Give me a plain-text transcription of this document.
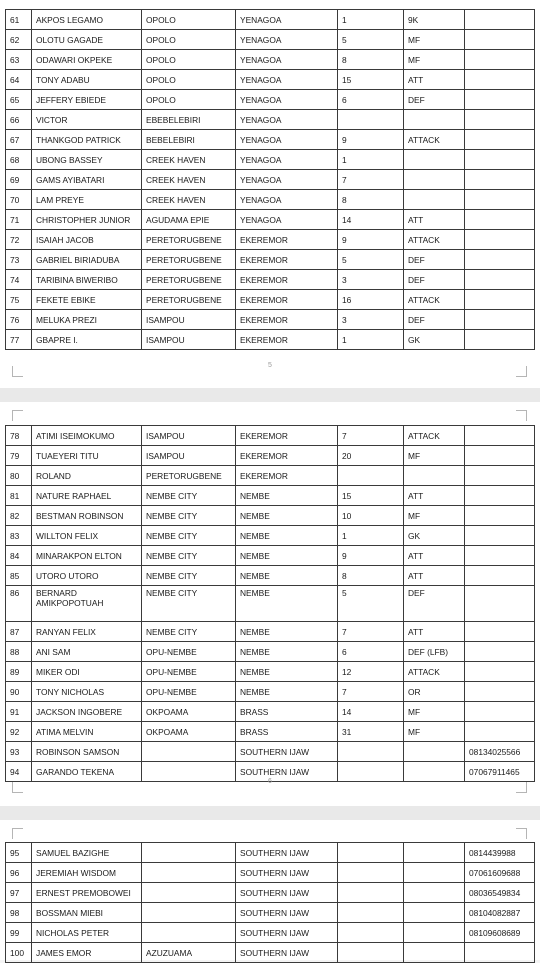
61	AKPOS LEGAMO	OPOLO	YENAGOA	1	9K	
62	OLOTU GAGADE	OPOLO	YENAGOA	5	MF	
63	ODAWARI OKPEKE	OPOLO	YENAGOA	8	MF	
64	TONY ADABU	OPOLO	YENAGOA	15	ATT	
65	JEFFERY EBIEDE	OPOLO	YENAGOA	6	DEF	
66	VICTOR	EBEBELEBIRI	YENAGOA			
67	THANKGOD PATRICK	BEBELEBIRI	YENAGOA	9	ATTACK	
68	UBONG BASSEY	CREEK HAVEN	YENAGOA	1		
69	GAMS AYIBATARI	CREEK HAVEN	YENAGOA	7		
70	LAM PREYE	CREEK HAVEN	YENAGOA	8		
71	CHRISTOPHER JUNIOR	AGUDAMA EPIE	YENAGOA	14	ATT	
72	ISAIAH JACOB	PERETORUGBENE	EKEREMOR	9	ATTACK	
73	GABRIEL BIRIADUBA	PERETORUGBENE	EKEREMOR	5	DEF	
74	TARIBINA BIWERIBO	PERETORUGBENE	EKEREMOR	3	DEF	
75	FEKETE EBIKE	PERETORUGBENE	EKEREMOR	16	ATTACK	
76	MELUKA PREZI	ISAMPOU	EKEREMOR	3	DEF	
77	GBAPRE I.	ISAMPOU	EKEREMOR	1	GK	
5
78	ATIMI ISEIMOKUMO	ISAMPOU	EKEREMOR	7	ATTACK	
79	TUAEYERI TITU	ISAMPOU	EKEREMOR	20	MF	
80	ROLAND	PERETORUGBENE	EKEREMOR			
81	NATURE RAPHAEL	NEMBE CITY	NEMBE	15	ATT	
82	BESTMAN ROBINSON	NEMBE CITY	NEMBE	10	MF	
83	WILLTON FELIX	NEMBE CITY	NEMBE	1	GK	
84	MINARAKPON ELTON	NEMBE CITY	NEMBE	9	ATT	
85	UTORO UTORO	NEMBE CITY	NEMBE	8	ATT	
86	BERNARD AMIKPOPOTUAH	NEMBE CITY	NEMBE	5	DEF	
87	RANYAN FELIX	NEMBE CITY	NEMBE	7	ATT	
88	ANI SAM	OPU-NEMBE	NEMBE	6	DEF (LFB)	
89	MIKER ODI	OPU-NEMBE	NEMBE	12	ATTACK	
90	TONY NICHOLAS	OPU-NEMBE	NEMBE	7	OR	
91	JACKSON INGOBERE	OKPOAMA	BRASS	14	MF	
92	ATIMA MELVIN	OKPOAMA	BRASS	31	MF	
93	ROBINSON SAMSON		SOUTHERN IJAW			08134025566
94	GARANDO TEKENA		SOUTHERN IJAW			07067911465
6
95	SAMUEL BAZIGHE		SOUTHERN IJAW			0814439988
96	JEREMIAH WISDOM		SOUTHERN IJAW			07061609688
97	ERNEST PREMOBOWEI		SOUTHERN IJAW			08036549834
98	BOSSMAN MIEBI		SOUTHERN IJAW			08104082887
99	NICHOLAS PETER		SOUTHERN IJAW			08109608689
100	JAMES EMOR	AZUZUAMA	SOUTHERN IJAW			
